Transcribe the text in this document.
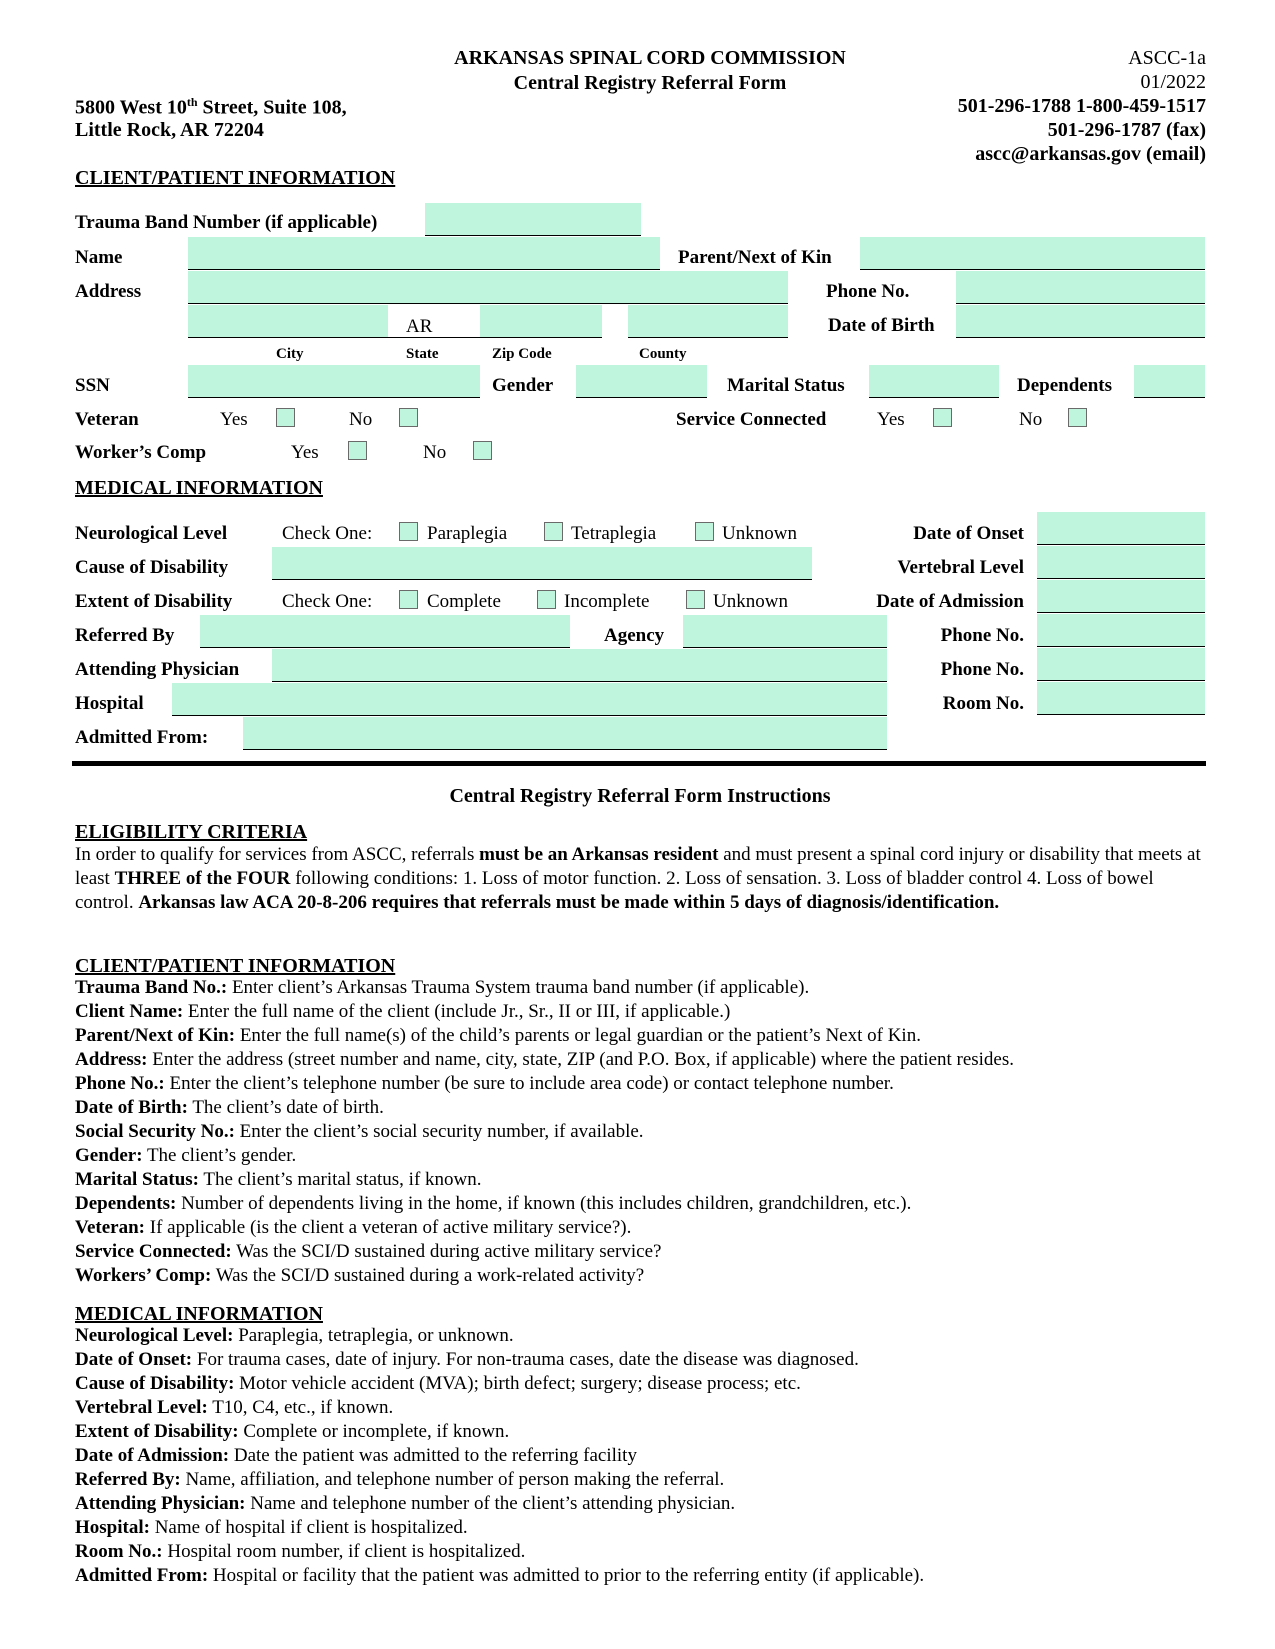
ARKANSAS SPINAL CORD COMMISSION
Central Registry Referral Form
ASCC-1a
01/2022
5800 West 10th Street, Suite 108,
Little Rock, AR 72204
501-296-1788 1-800-459-1517
501-296-1787 (fax)
ascc@arkansas.gov (email)
CLIENT/PATIENT INFORMATION
Trauma Band Number (if applicable)
Name	Parent/Next of Kin
Address	Phone No.
AR	Date of Birth
City	State	Zip Code	County
SSN	Gender	Marital Status	Dependents
Veteran	Yes	No	Service Connected	Yes	No
Worker’s Comp	Yes	No
MEDICAL INFORMATION
Neurological Level	Check One:	Paraplegia	Tetraplegia	Unknown	Date of Onset
Cause of Disability	Vertebral Level
Extent of Disability	Check One:	Complete	Incomplete	Unknown	Date of Admission
Referred By	Agency	Phone No.
Attending Physician	Phone No.
Hospital	Room No.
Admitted From:
Central Registry Referral Form Instructions
ELIGIBILITY CRITERIA
In order to qualify for services from ASCC, referrals must be an Arkansas resident and must present a spinal cord injury or disability that meets at least THREE of the FOUR following conditions: 1. Loss of motor function. 2. Loss of sensation. 3. Loss of bladder control 4. Loss of bowel control. Arkansas law ACA 20-8-206 requires that referrals must be made within 5 days of diagnosis/identification.
CLIENT/PATIENT INFORMATION
Trauma Band No.: Enter client’s Arkansas Trauma System trauma band number (if applicable).
Client Name: Enter the full name of the client (include Jr., Sr., II or III, if applicable.)
Parent/Next of Kin: Enter the full name(s) of the child’s parents or legal guardian or the patient’s Next of Kin.
Address: Enter the address (street number and name, city, state, ZIP (and P.O. Box, if applicable) where the patient resides.
Phone No.: Enter the client’s telephone number (be sure to include area code) or contact telephone number.
Date of Birth: The client’s date of birth.
Social Security No.: Enter the client’s social security number, if available.
Gender: The client’s gender.
Marital Status: The client’s marital status, if known.
Dependents: Number of dependents living in the home, if known (this includes children, grandchildren, etc.).
Veteran: If applicable (is the client a veteran of active military service?).
Service Connected: Was the SCI/D sustained during active military service?
Workers’ Comp: Was the SCI/D sustained during a work-related activity?
MEDICAL INFORMATION
Neurological Level: Paraplegia, tetraplegia, or unknown.
Date of Onset: For trauma cases, date of injury. For non-trauma cases, date the disease was diagnosed.
Cause of Disability: Motor vehicle accident (MVA); birth defect; surgery; disease process; etc.
Vertebral Level: T10, C4, etc., if known.
Extent of Disability: Complete or incomplete, if known.
Date of Admission: Date the patient was admitted to the referring facility
Referred By: Name, affiliation, and telephone number of person making the referral.
Attending Physician: Name and telephone number of the client’s attending physician.
Hospital: Name of hospital if client is hospitalized.
Room No.: Hospital room number, if client is hospitalized.
Admitted From: Hospital or facility that the patient was admitted to prior to the referring entity (if applicable).
